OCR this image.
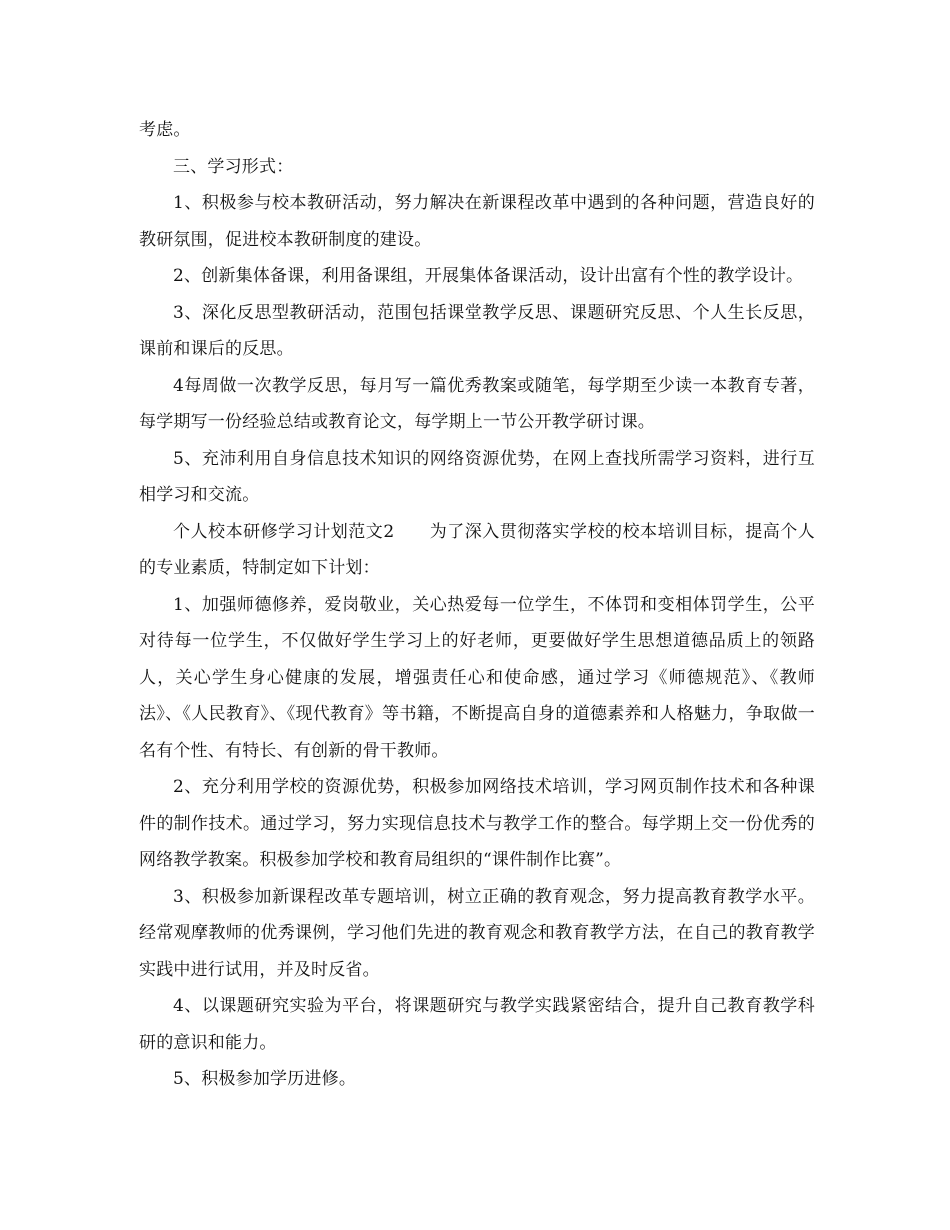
考虑。

三、学习形式：

1、积极参与校本教研活动，努力解决在新课程改革中遇到的各种问题，营造良好的教研氛围，促进校本教研制度的建设。

2、创新集体备课，利用备课组，开展集体备课活动，设计出富有个性的教学设计。

3、深化反思型教研活动，范围包括课堂教学反思、课题研究反思、个人生长反思，课前和课后的反思。

4每周做一次教学反思，每月写一篇优秀教案或随笔，每学期至少读一本教育专著，每学期写一份经验总结或教育论文，每学期上一节公开教学研讨课。

5、充沛利用自身信息技术知识的网络资源优势，在网上查找所需学习资料，进行互相学习和交流。

个人校本研修学习计划范文2　　为了深入贯彻落实学校的校本培训目标，提高个人的专业素质，特制定如下计划：

1、加强师德修养，爱岗敬业，关心热爱每一位学生，不体罚和变相体罚学生，公平对待每一位学生，不仅做好学生学习上的好老师，更要做好学生思想道德品质上的领路人，关心学生身心健康的发展，增强责任心和使命感，通过学习《师德规范》、《教师法》、《人民教育》、《现代教育》等书籍，不断提高自身的道德素养和人格魅力，争取做一名有个性、有特长、有创新的骨干教师。

2、充分利用学校的资源优势，积极参加网络技术培训，学习网页制作技术和各种课件的制作技术。通过学习，努力实现信息技术与教学工作的整合。每学期上交一份优秀的网络教学教案。积极参加学校和教育局组织的“课件制作比赛”。

3、积极参加新课程改革专题培训，树立正确的教育观念，努力提高教育教学水平。经常观摩教师的优秀课例，学习他们先进的教育观念和教育教学方法，在自己的教育教学实践中进行试用，并及时反省。

4、以课题研究实验为平台，将课题研究与教学实践紧密结合，提升自己教育教学科研的意识和能力。

5、积极参加学历进修。
